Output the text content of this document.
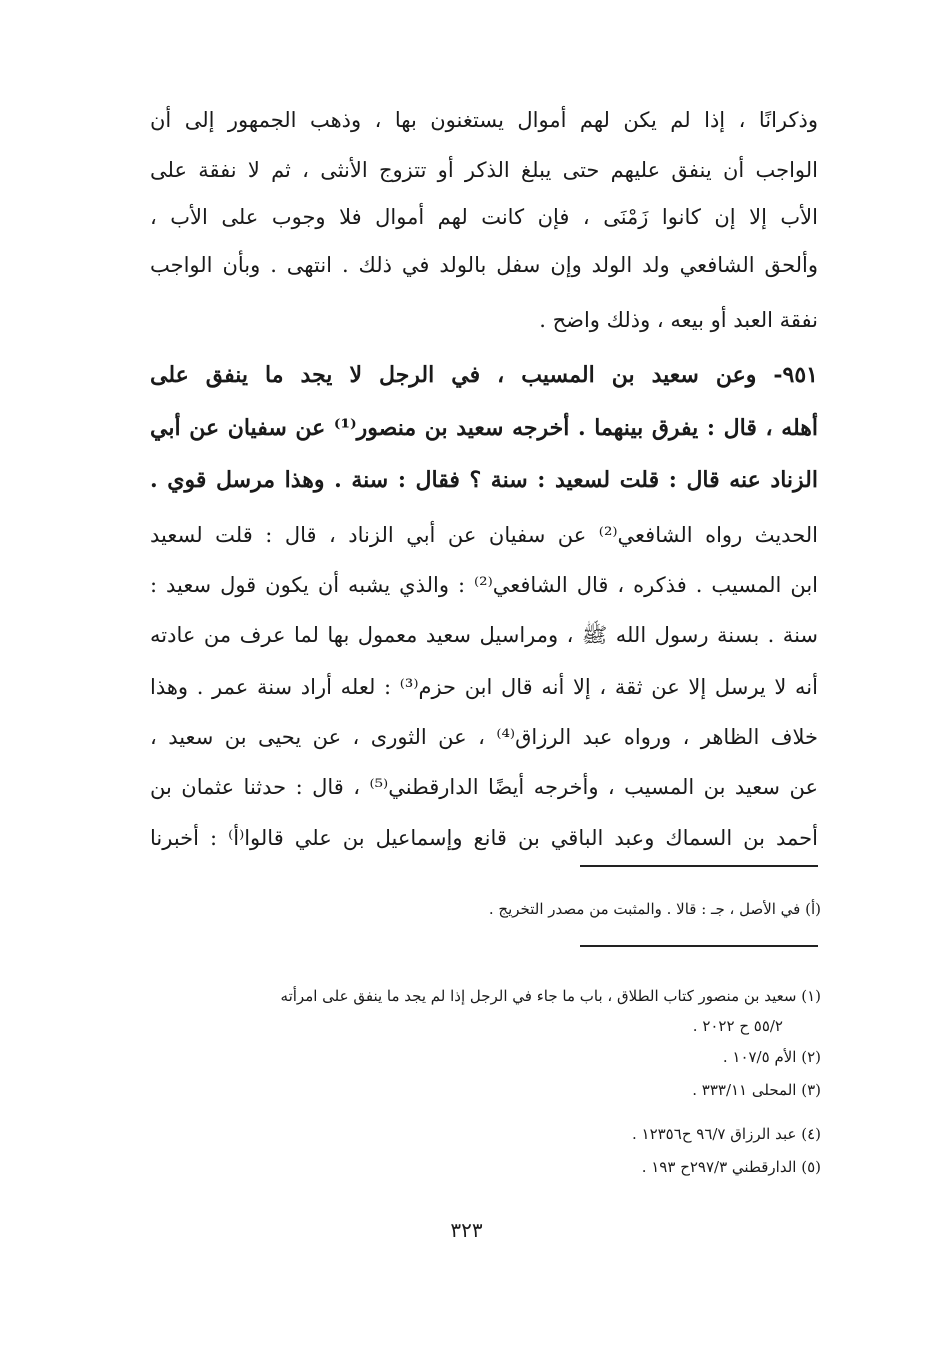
وذكرانًا ، إذا لم يكن لهم أموال يستغنون بها ، وذهب الجمهور إلى أن
الواجب أن ينفق عليهم حتى يبلغ الذكر أو تتزوج الأنثى ، ثم لا نفقة على
الأب إلا إن كانوا زَمْنَى ، فإن كانت لهم أموال فلا وجوب على الأب ،
وألحق الشافعي ولد الولد وإن سفل بالولد في ذلك . انتهى . وبأن الواجب
نفقة العبد أو بيعه ، وذلك واضح .
٩٥١- وعن سعيد بن المسيب ، في الرجل لا يجد ما ينفق على
أهله ، قال : يفرق بينهما . أخرجه سعيد بن منصور⁽¹⁾ عن سفيان عن أبي
الزناد عنه قال : قلت لسعيد : سنة ؟ فقال : سنة . وهذا مرسل قوي .
الحديث رواه الشافعي⁽²⁾ عن سفيان عن أبي الزناد ، قال : قلت لسعيد
ابن المسيب . فذكره ، قال الشافعي⁽²⁾ : والذي يشبه أن يكون قول سعيد :
سنة . بسنة رسول الله ﷺ ، ومراسيل سعيد معمول بها لما عرف من عادته
أنه لا يرسل إلا عن ثقة ، إلا أنه قال ابن حزم⁽³⁾ : لعله أراد سنة عمر . وهذا
خلاف الظاهر ، ورواه عبد الرزاق⁽⁴⁾ ، عن الثورى ، عن يحيى بن سعيد ،
عن سعيد بن المسيب ، وأخرجه أيضًا الدارقطني⁽⁵⁾ ، قال : حدثنا عثمان بن
أحمد بن السماك وعبد الباقي بن قانع وإسماعيل بن علي قالوا⁽أ⁾ : أخبرنا
(أ) في الأصل ، جـ : قالا . والمثبت من مصدر التخريج .
(١) سعيد بن منصور كتاب الطلاق ، باب ما جاء في الرجل إذا لم يجد ما ينفق على امرأته
٥٥/٢ ح ٢٠٢٢ .
(٢) الأم ١٠٧/٥ .
(٣) المحلى ٣٣٣/١١ .
(٤) عبد الرزاق ٩٦/٧ ح١٢٣٥٦ .
(٥) الدارقطني ٢٩٧/٣ح ١٩٣ .
٣٢٣
